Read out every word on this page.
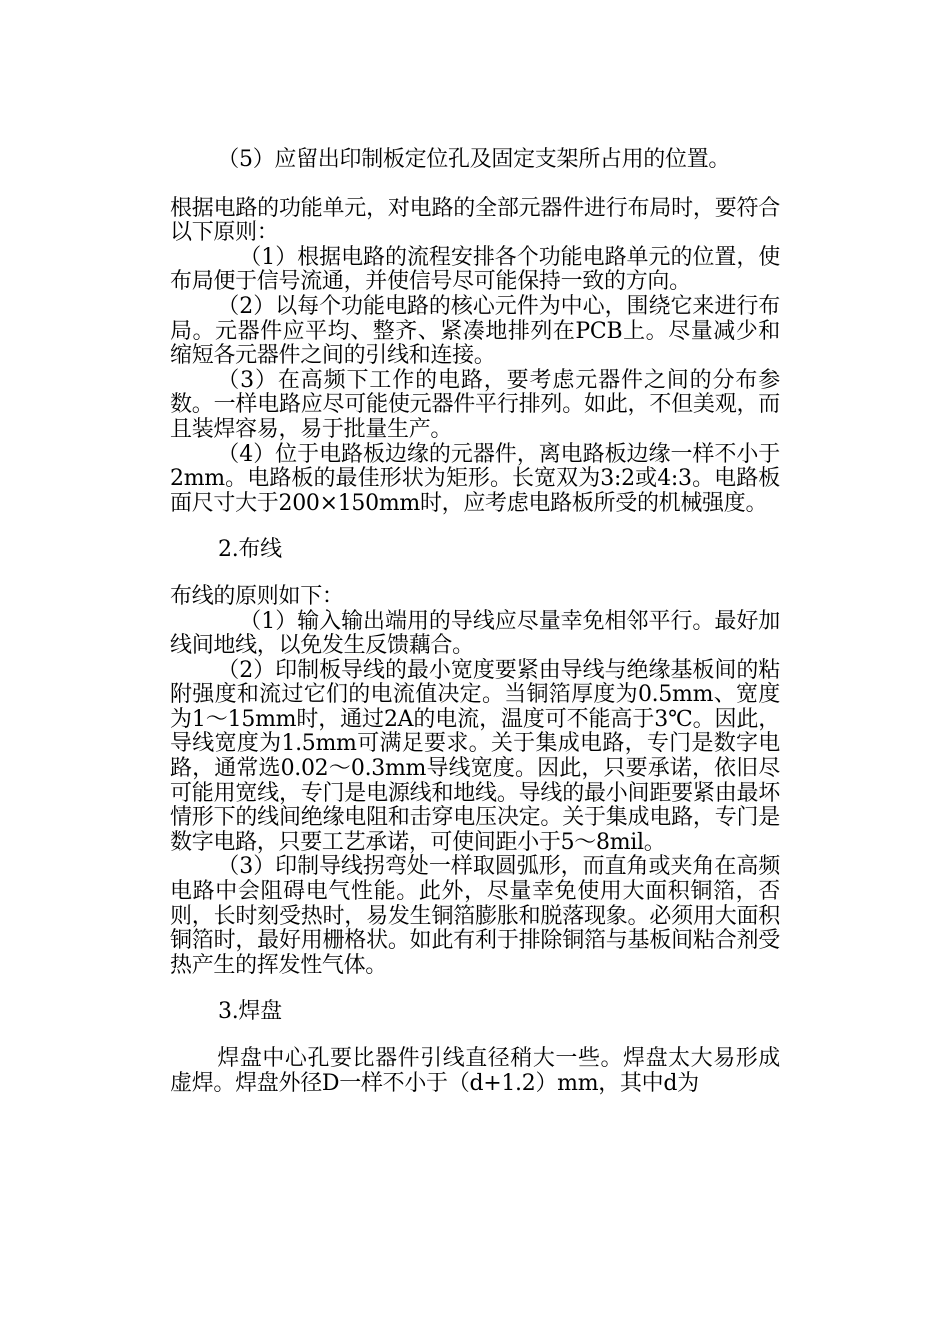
（5）应留出印制板定位孔及固定支架所占用的位置。

根据电路的功能单元，对电路的全部元器件进行布局时，要符合以下原则：

（1）根据电路的流程安排各个功能电路单元的位置，使布局便于信号流通，并使信号尽可能保持一致的方向。

（2）以每个功能电路的核心元件为中心，围绕它来进行布局。元器件应平均、整齐、紧凑地排列在PCB上。尽量减少和缩短各元器件之间的引线和连接。

（3）在高频下工作的电路，要考虑元器件之间的分布参数。一样电路应尽可能使元器件平行排列。如此，不但美观，而且装焊容易，易于批量生产。

（4）位于电路板边缘的元器件，离电路板边缘一样不小于2mm。电路板的最佳形状为矩形。长宽双为3:2或4:3。电路板面尺寸大于200×150mm时，应考虑电路板所受的机械强度。

2.布线

布线的原则如下：

（1）输入输出端用的导线应尽量幸免相邻平行。最好加线间地线，以免发生反馈藕合。

（2）印制板导线的最小宽度要紧由导线与绝缘基板间的粘附强度和流过它们的电流值决定。当铜箔厚度为0.5mm、宽度为1～15mm时，通过2A的电流，温度可不能高于3℃。因此，导线宽度为1.5mm可满足要求。关于集成电路，专门是数字电路，通常选0.02～0.3mm导线宽度。因此，只要承诺，依旧尽可能用宽线，专门是电源线和地线。导线的最小间距要紧由最坏情形下的线间绝缘电阻和击穿电压决定。关于集成电路，专门是数字电路，只要工艺承诺，可使间距小于5～8mil。

（3）印制导线拐弯处一样取圆弧形，而直角或夹角在高频电路中会阻碍电气性能。此外，尽量幸免使用大面积铜箔，否则，长时刻受热时，易发生铜箔膨胀和脱落现象。必须用大面积铜箔时，最好用栅格状。如此有利于排除铜箔与基板间粘合剂受热产生的挥发性气体。

3.焊盘

焊盘中心孔要比器件引线直径稍大一些。焊盘太大易形成虚焊。焊盘外径D一样不小于（d+1.2）mm，其中d为
